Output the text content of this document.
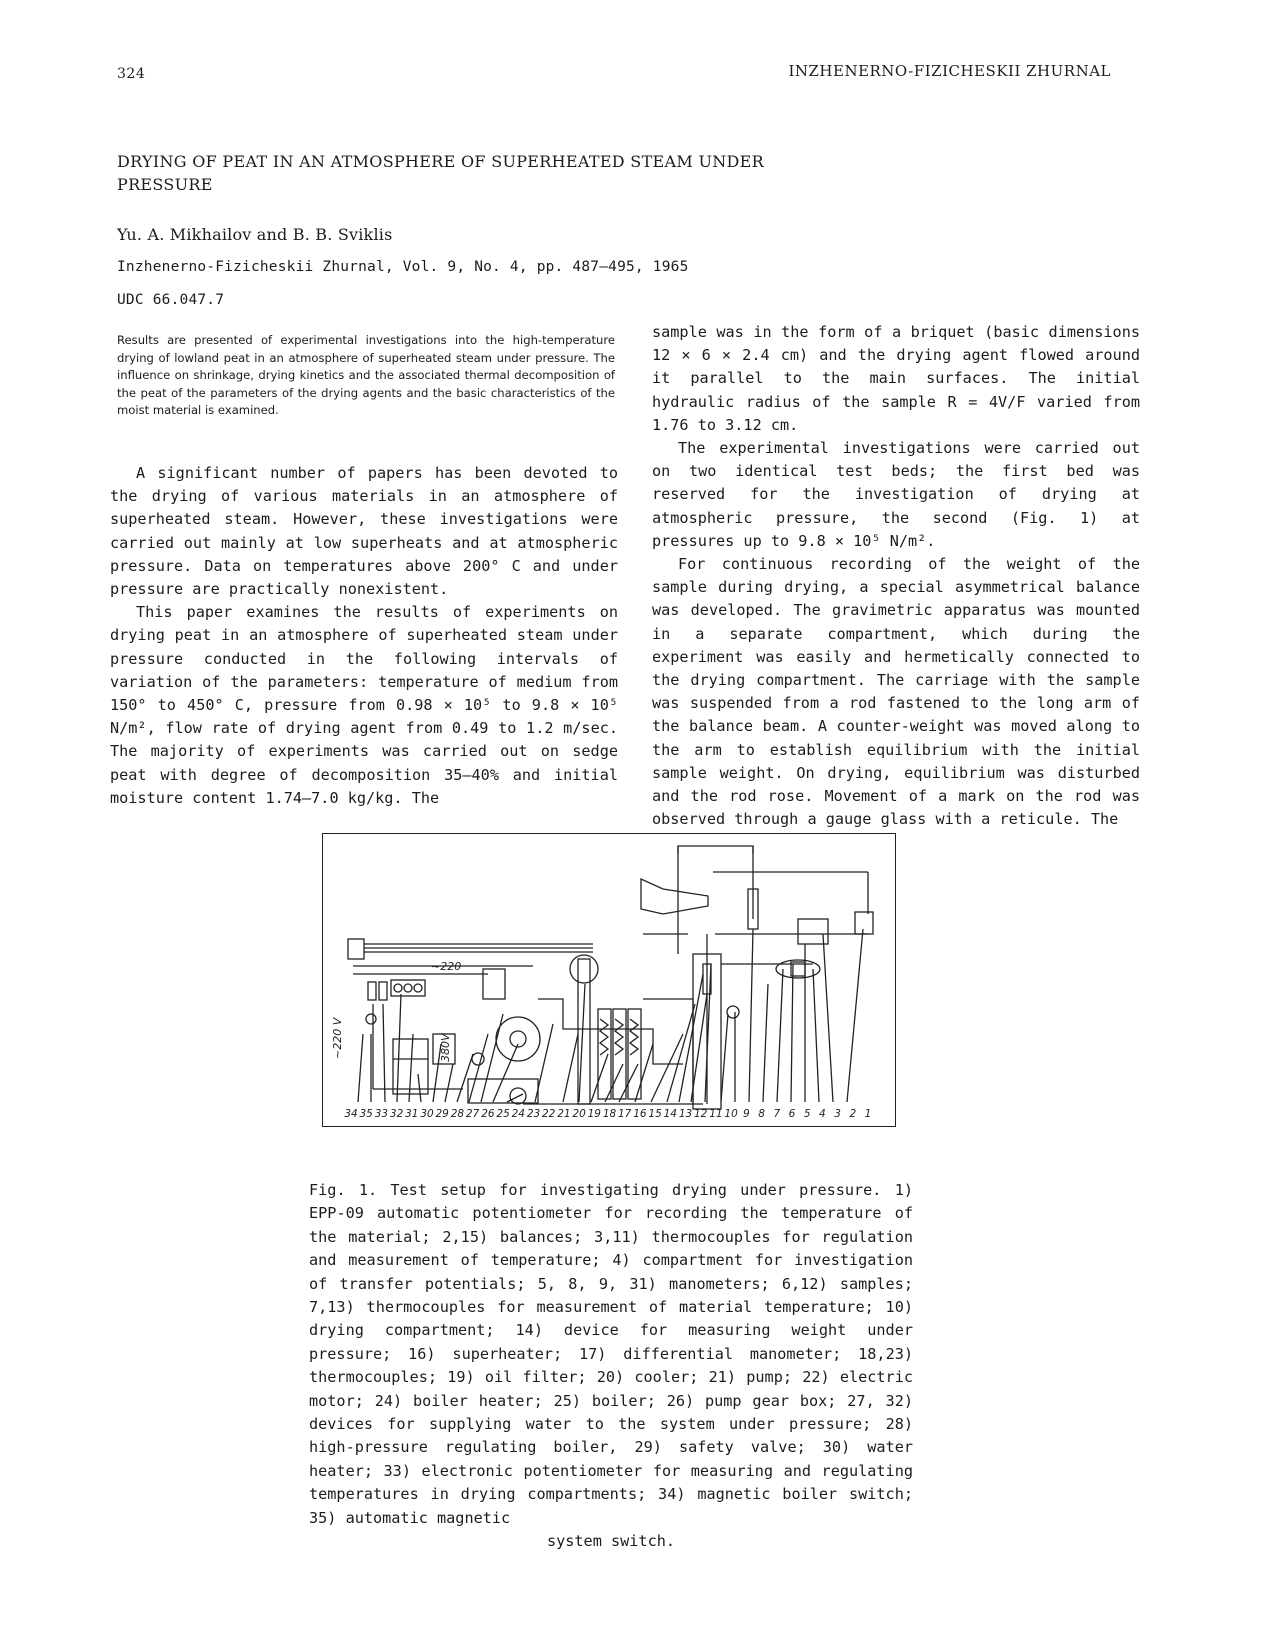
324	INZHENERNO-FIZICHESKII ZHURNAL
DRYING OF PEAT IN AN ATMOSPHERE OF SUPERHEATED STEAM UNDER PRESSURE
Yu. A. Mikhailov and B. B. Sviklis
Inzhenerno-Fizicheskii Zhurnal, Vol. 9, No. 4, pp. 487–495, 1965
UDC 66.047.7
Results are presented of experimental investigations into the high-temperature drying of lowland peat in an atmosphere of superheated steam under pressure. The influence on shrinkage, drying kinetics and the associated thermal decomposition of the peat of the parameters of the drying agents and the basic characteristics of the moist material is examined.

A significant number of papers has been devoted to the drying of various materials in an atmosphere of superheated steam. However, these investigations were carried out mainly at low superheats and at atmospheric pressure. Data on temperatures above 200° C and under pressure are practically nonexistent.

This paper examines the results of experiments on drying peat in an atmosphere of superheated steam under pressure conducted in the following intervals of variation of the parameters: temperature of medium from 150° to 450° C, pressure from 0.98 × 10⁵ to 9.8 × 10⁵ N/m², flow rate of drying agent from 0.49 to 1.2 m/sec. The majority of experiments was carried out on sedge peat with degree of decomposition 35–40% and initial moisture content 1.74–7.0 kg/kg. The

sample was in the form of a briquet (basic dimensions 12 × 6 × 2.4 cm) and the drying agent flowed around it parallel to the main surfaces. The initial hydraulic radius of the sample R = 4V/F varied from 1.76 to 3.12 cm.

The experimental investigations were carried out on two identical test beds; the first bed was reserved for the investigation of drying at atmospheric pressure, the second (Fig. 1) at pressures up to 9.8 × 10⁵ N/m².

For continuous recording of the weight of the sample during drying, a special asymmetrical balance was developed. The gravimetric apparatus was mounted in a separate compartment, which during the experiment was easily and hermetically connected to the drying compartment. The carriage with the sample was suspended from a rod fastened to the long arm of the balance beam. A counter-weight was moved along to the arm to establish equilibrium with the initial sample weight. On drying, equilibrium was disturbed and the rod rose. Movement of a mark on the rod was observed through a gauge glass with a reticule. The

~220 V
~220
380V
34 35 33 32 31 30 29 28 27 26 25 24 23 22 21 20 19 18 17 16 15 14 13 12 11 10 9 8 7 6 5 4 3 2 1
Fig. 1. Test setup for investigating drying under pressure. 1) EPP-09 automatic potentiometer for recording the temperature of the material; 2,15) balances; 3,11) thermocouples for regulation and measurement of temperature; 4) compartment for investigation of transfer potentials; 5, 8, 9, 31) manometers; 6,12) samples; 7,13) thermocouples for measurement of material temperature; 10) drying compartment; 14) device for measuring weight under pressure; 16) superheater; 17) differential manometer; 18,23) thermocouples; 19) oil filter; 20) cooler; 21) pump; 22) electric motor; 24) boiler heater; 25) boiler; 26) pump gear box; 27, 32) devices for supplying water to the system under pressure; 28) high-pressure regulating boiler, 29) safety valve; 30) water heater; 33) electronic potentiometer for measuring and regulating temperatures in drying compartments; 34) magnetic boiler switch; 35) automatic magnetic
system switch.
